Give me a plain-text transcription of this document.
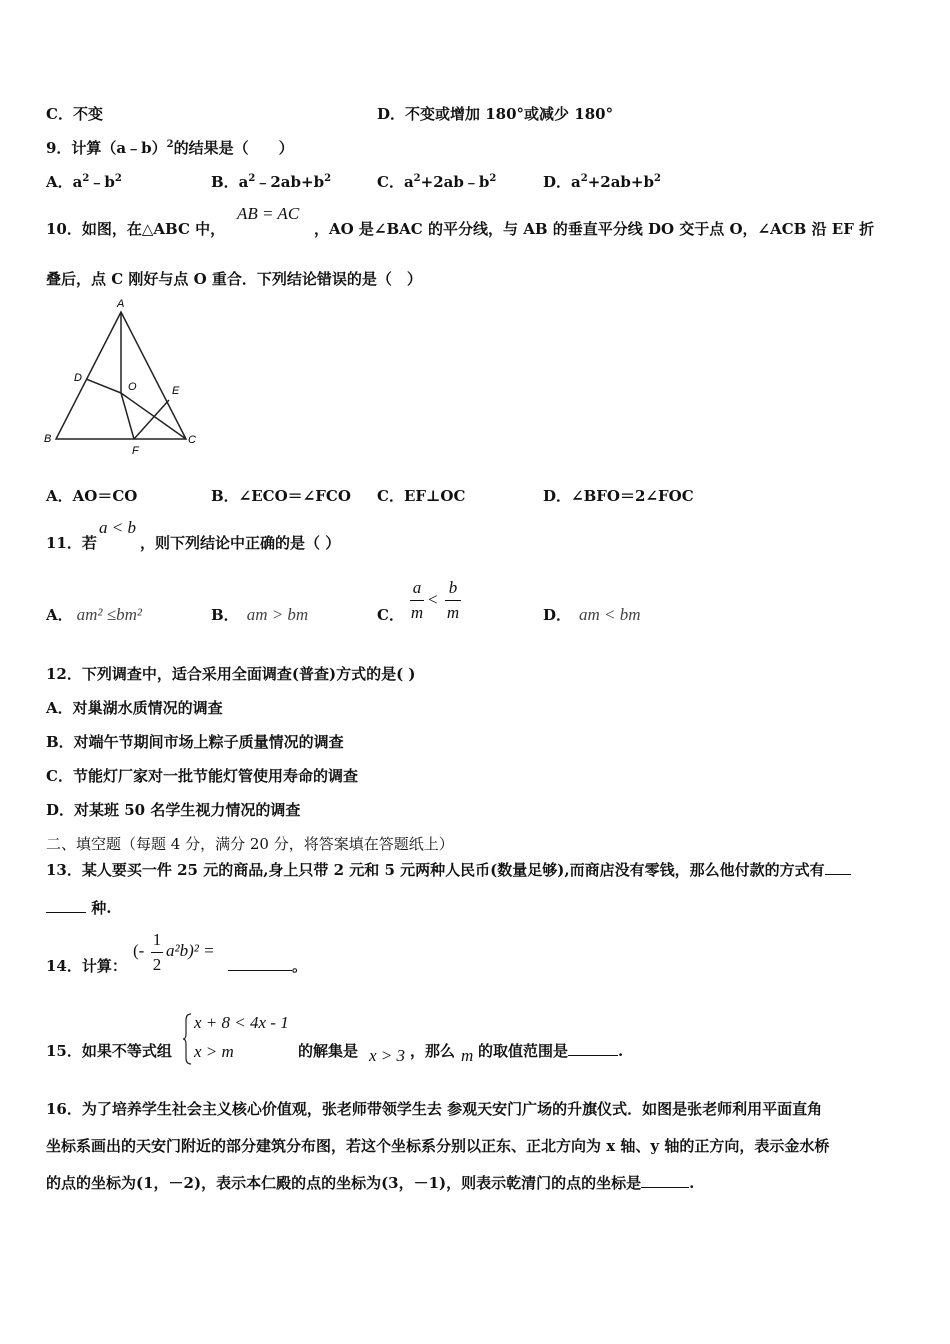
C．不变	D．不变或增加 180°或减少 180°
9．计算（a﹣b）$^2$的结果是（　　）
A．$a^2﹣b^2$	B．$a^2﹣2ab+b^2$	C．$a^2+2ab﹣b^2$	D．$a^2+2ab+b^2$
10．如图，在△ABC 中，
AB = AC
，AO 是∠BAC 的平分线，与 AB 的垂直平分线 DO 交于点 O，∠ACB 沿 EF 折
叠后，点 C 刚好与点 O 重合．下列结论错误的是（　）
A
B	C
D
E
F
O
A．AO＝CO	B．∠ECO＝∠FCO C．EF⊥OC	D．∠BFO＝2∠FOC
11．若
a < b
，则下列结论中正确的是（ ）
A． am² ≤bm²	B． am > bm	C．
a
m
<
b
m	D． am < bm
12．下列调查中，适合采用全面调查(普查)方式的是( )
A．对巢湖水质情况的调查
B．对端午节期间市场上粽子质量情况的调查
C．节能灯厂家对一批节能灯管使用寿命的调查
D．对某班 50 名学生视力情况的调查
二、填空题（每题 4 分，满分 20 分，将答案填在答题纸上）
13．某人要买一件 25 元的商品,身上只带 2 元和 5 元两种人民币(数量足够),而商店没有零钱，那么他付款的方式有
种.
14．计算：
(-
1
2
a²b)² =
。
15．如果不等式组
x + 8 < 4x - 1
x > m	的解集是 x > 3 ，那么 m 的取值范围是	.
16．为了培养学生社会主义核心价值观，张老师带领学生去 参观天安门广场的升旗仪式．如图是张老师利用平面直角
坐标系画出的天安门附近的部分建筑分布图，若这个坐标系分别以正东、正北方向为 x 轴、y 轴的正方向，表示金水桥
的点的坐标为(1，－2)，表示本仁殿的点的坐标为(3，－1)，则表示乾清门的点的坐标是	.
